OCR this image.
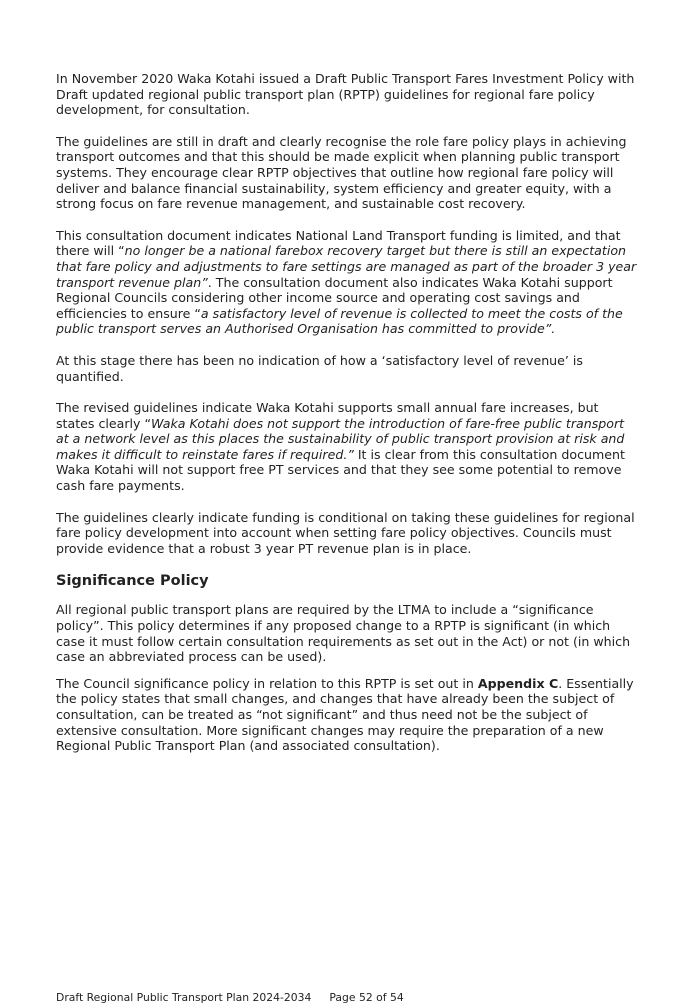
In November 2020 Waka Kotahi issued a Draft Public Transport Fares Investment Policy with Draft updated regional public transport plan (RPTP) guidelines for regional fare policy development, for consultation.

The guidelines are still in draft and clearly recognise the role fare policy plays in achieving transport outcomes and that this should be made explicit when planning public transport systems. They encourage clear RPTP objectives that outline how regional fare policy will deliver and balance financial sustainability, system efficiency and greater equity, with a strong focus on fare revenue management, and sustainable cost recovery.

This consultation document indicates National Land Transport funding is limited, and that there will “no longer be a national farebox recovery target but there is still an expectation that fare policy and adjustments to fare settings are managed as part of the broader 3 year transport revenue plan”. The consultation document also indicates Waka Kotahi support Regional Councils considering other income source and operating cost savings and efficiencies to ensure “a satisfactory level of revenue is collected to meet the costs of the public transport serves an Authorised Organisation has committed to provide”.

At this stage there has been no indication of how a ‘satisfactory level of revenue’ is quantified.

The revised guidelines indicate Waka Kotahi supports small annual fare increases, but states clearly “Waka Kotahi does not support the introduction of fare-free public transport at a network level as this places the sustainability of public transport provision at risk and makes it difficult to reinstate fares if required.” It is clear from this consultation document Waka Kotahi will not support free PT services and that they see some potential to remove cash fare payments.

The guidelines clearly indicate funding is conditional on taking these guidelines for regional fare policy development into account when setting fare policy objectives. Councils must provide evidence that a robust 3 year PT revenue plan is in place.

Significance Policy

All regional public transport plans are required by the LTMA to include a “significance policy”. This policy determines if any proposed change to a RPTP is significant (in which case it must follow certain consultation requirements as set out in the Act) or not (in which case an abbreviated process can be used).

The Council significance policy in relation to this RPTP is set out in Appendix C. Essentially the policy states that small changes, and changes that have already been the subject of consultation, can be treated as “not significant” and thus need not be the subject of extensive consultation. More significant changes may require the preparation of a new Regional Public Transport Plan (and associated consultation).

Draft Regional Public Transport Plan 2024-2034 Page 52 of 54
